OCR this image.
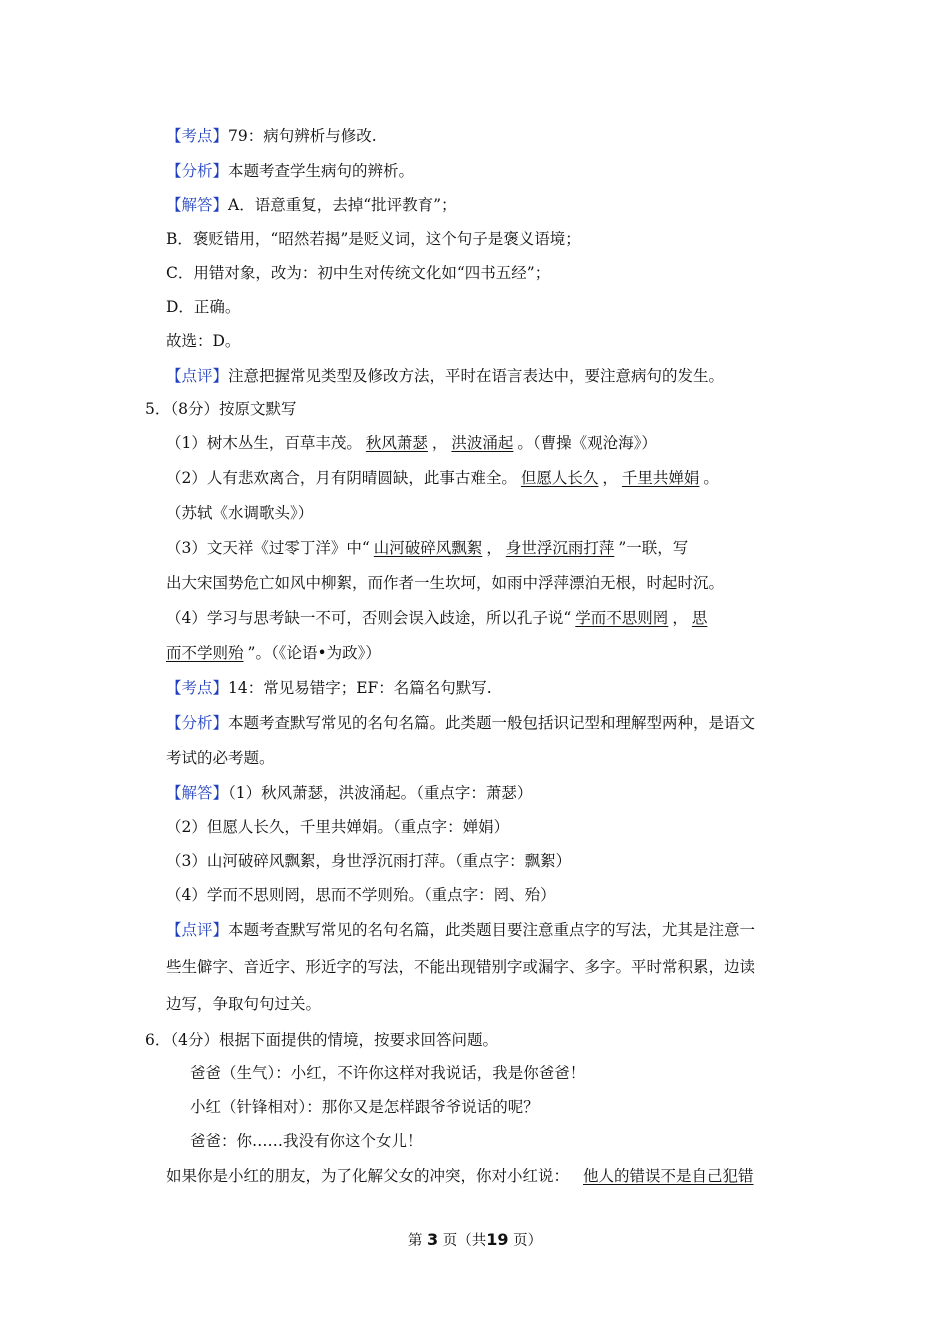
【考点】79：病句辨析与修改.
【分析】本题考查学生病句的辨析。
【解答】A．语意重复，去掉“批评教育”；
B．褒贬错用，“昭然若揭”是贬义词，这个句子是褒义语境；
C．用错对象，改为：初中生对传统文化如“四书五经”；
D．正确。
故选：D。
【点评】注意把握常见类型及修改方法，平时在语言表达中，要注意病句的发生。
5．（8分）按原文默写
（1）树木丛生，百草丰茂。 秋风萧瑟 ， 洪波涌起 。（曹操《观沧海》）
（2）人有悲欢离合，月有阴晴圆缺，此事古难全。 但愿人长久 ， 千里共婵娟 。
（苏轼《水调歌头》）
（3）文天祥《过零丁洋》中“ 山河破碎风飘絮 ， 身世浮沉雨打萍 ”一联，写
出大宋国势危亡如风中柳絮，而作者一生坎坷，如雨中浮萍漂泊无根，时起时沉。
（4）学习与思考缺一不可，否则会误入歧途，所以孔子说“ 学而不思则罔 ， 思
而不学则殆 ”。（《论语•为政》）
【考点】14：常见易错字；EF：名篇名句默写.
【分析】本题考查默写常见的名句名篇。此类题一般包括识记型和理解型两种，是语文
考试的必考题。
【解答】（1）秋风萧瑟，洪波涌起。（重点字：萧瑟）
（2）但愿人长久，千里共婵娟。（重点字：婵娟）
（3）山河破碎风飘絮，身世浮沉雨打萍。（重点字：飘絮）
（4）学而不思则罔，思而不学则殆。（重点字：罔、殆）
【点评】本题考查默写常见的名句名篇，此类题目要注意重点字的写法，尤其是注意一
些生僻字、音近字、形近字的写法，不能出现错别字或漏字、多字。平时常积累，边读
边写，争取句句过关。
6．（4分）根据下面提供的情境，按要求回答问题。
爸爸（生气）：小红，不许你这样对我说话，我是你爸爸！
小红（针锋相对）：那你又是怎样跟爷爷说话的呢？
爸爸：你……我没有你这个女儿！
如果你是小红的朋友，为了化解父女的冲突，你对小红说： 他人的错误不是自己犯错
第 3 页（共19 页）
